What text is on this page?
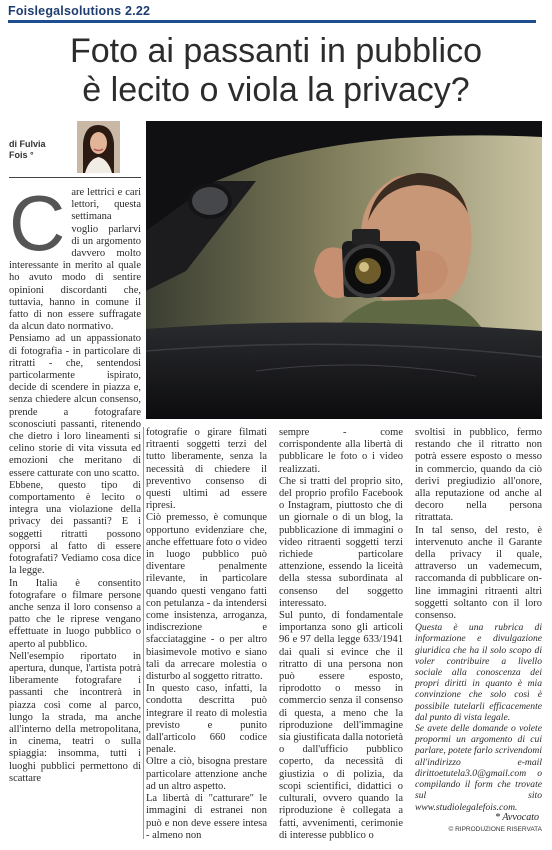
Foislegalsolutions 2.22
Foto ai passanti in pubblico
è lecito o viola la privacy?
di Fulvia
Fois °
C are lettrici e cari lettori, questa settimana voglio parlarvi di un argomento davvero molto interessante in merito al quale ho avuto modo di sentire opinioni discordanti che, tuttavia, hanno in comune il fatto di non essere suffragate da alcun dato normativo.

Pensiamo ad un appassionato di fotografia - in particolare di ritratti - che, sentendosi particolarmente ispirato, decide di scendere in piazza e, senza chiedere alcun consenso, prende a fotografare sconosciuti passanti, ritenendo che dietro i loro lineamenti si celino storie di vita vissuta ed emozioni che meritano di essere catturate con uno scatto.

Ebbene, questo tipo di comportamento è lecito o integra una violazione della privacy dei passanti? E i soggetti ritratti possono opporsi al fatto di essere fotografati? Vediamo cosa dice la legge.

In Italia è consentito fotografare o filmare persone anche senza il loro consenso a patto che le riprese vengano effettuate in luogo pubblico o aperto al pubblico.

Nell'esempio riportato in apertura, dunque, l'artista potrà liberamente fotografare i passanti che incontrerà in piazza così come al parco, lungo la strada, ma anche all'interno della metropolitana, in cinema, teatri o sulla spiaggia: insomma, tutti i luoghi pubblici permettono di scattare

fotografie o girare filmati ritraenti soggetti terzi del tutto liberamente, senza la necessità di chiedere il preventivo consenso di questi ultimi ad essere ripresi.

Ciò premesso, è comunque opportuno evidenziare che, anche effettuare foto o video in luogo pubblico può diventare penalmente rilevante, in particolare quando questi vengano fatti con petulanza - da intendersi come insistenza, arroganza, indiscrezione e sfacciataggine - o per altro biasimevole motivo e siano tali da arrecare molestia o disturbo al soggetto ritratto.

In questo caso, infatti, la condotta descritta può integrare il reato di molestia previsto e punito dall'articolo 660 codice penale.

Oltre a ciò, bisogna prestare particolare attenzione anche ad un altro aspetto.

La libertà di "catturare" le immagini di estranei non può e non deve essere intesa - almeno non

sempre - come corrispondente alla libertà di pubblicare le foto o i video realizzati.

Che si tratti del proprio sito, del proprio profilo Facebook o Instagram, piuttosto che di un giornale o di un blog, la pubblicazione di immagini o video ritraenti soggetti terzi richiede particolare attenzione, essendo la liceità della stessa subordinata al consenso del soggetto interessato.

Sul punto, di fondamentale importanza sono gli articoli 96 e 97 della legge 633/1941 dai quali si evince che il ritratto di una persona non può essere esposto, riprodotto o messo in commercio senza il consenso di questa, a meno che la riproduzione dell'immagine sia giustificata dalla notorietà o dall'ufficio pubblico coperto, da necessità di giustizia o di polizia, da scopi scientifici, didattici o culturali, ovvero quando la riproduzione è collegata a fatti, avvenimenti, cerimonie di interesse pubblico o

svoltisi in pubblico, fermo restando che il ritratto non potrà essere esposto o messo in commercio, quando da ciò derivi pregiudizio all'onore, alla reputazione od anche al decoro nella persona ritrattata.

In tal senso, del resto, è intervenuto anche il Garante della privacy il quale, attraverso un vademecum, raccomanda di pubblicare on-line immagini ritraenti altri soggetti soltanto con il loro consenso.

Questa è una rubrica di informazione e divulgazione giuridica che ha il solo scopo di voler contribuire a livello sociale alla conoscenza dei propri diritti in quanto è mia convinzione che solo così è possibile tutelarli efficacemente dal punto di vista legale.

Se avete delle domande o volete propormi un argomento di cui parlare, potete farlo scrivendomi all'indirizzo e-mail dirittoetutela3.0@gmail.com o compilando il form che trovate sul sito www.studiolegalefois.com.

* Avvocato
© RIPRODUZIONE RISERVATA
